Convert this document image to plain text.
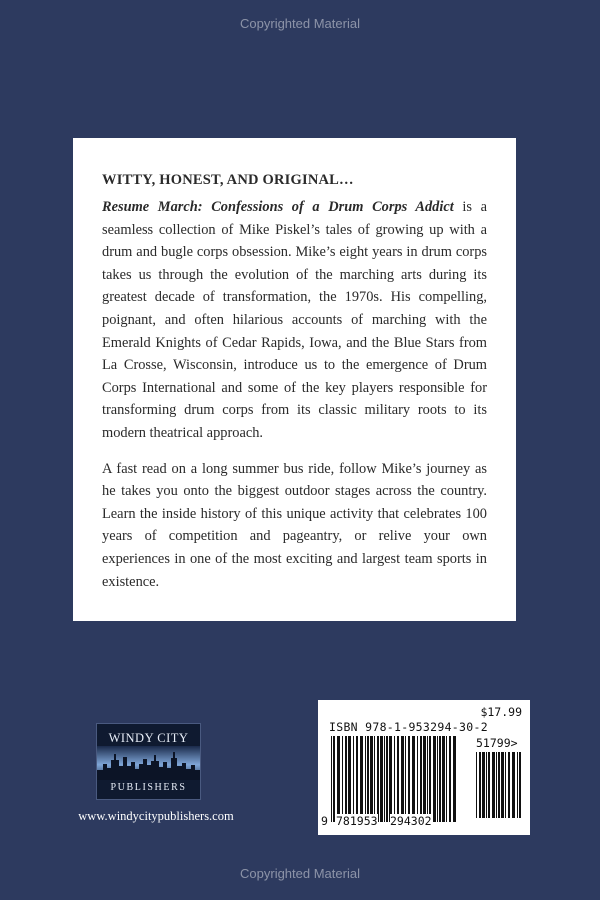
Copyrighted Material

WITTY, HONEST, AND ORIGINAL…

Resume March: Confessions of a Drum Corps Addict is a seamless collection of Mike Piskel’s tales of growing up with a drum and bugle corps obsession. Mike’s eight years in drum corps takes us through the evolution of the marching arts during its greatest decade of transformation, the 1970s. His compelling, poignant, and often hilarious accounts of marching with the Emerald Knights of Cedar Rapids, Iowa, and the Blue Stars from La Crosse, Wisconsin, introduce us to the emergence of Drum Corps International and some of the key players responsible for transforming drum corps from its classic military roots to its modern theatrical approach.

A fast read on a long summer bus ride, follow Mike’s journey as he takes you onto the biggest outdoor stages across the country. Learn the inside history of this unique activity that celebrates 100 years of competition and pageantry, or relive your own experiences in one of the most exciting and largest team sports in existence.

WINDY CITY
PUBLISHERS
www.windycitypublishers.com
$17.99
ISBN 978-1-953294-30-2
51799>
9 781953 294302
Copyrighted Material
